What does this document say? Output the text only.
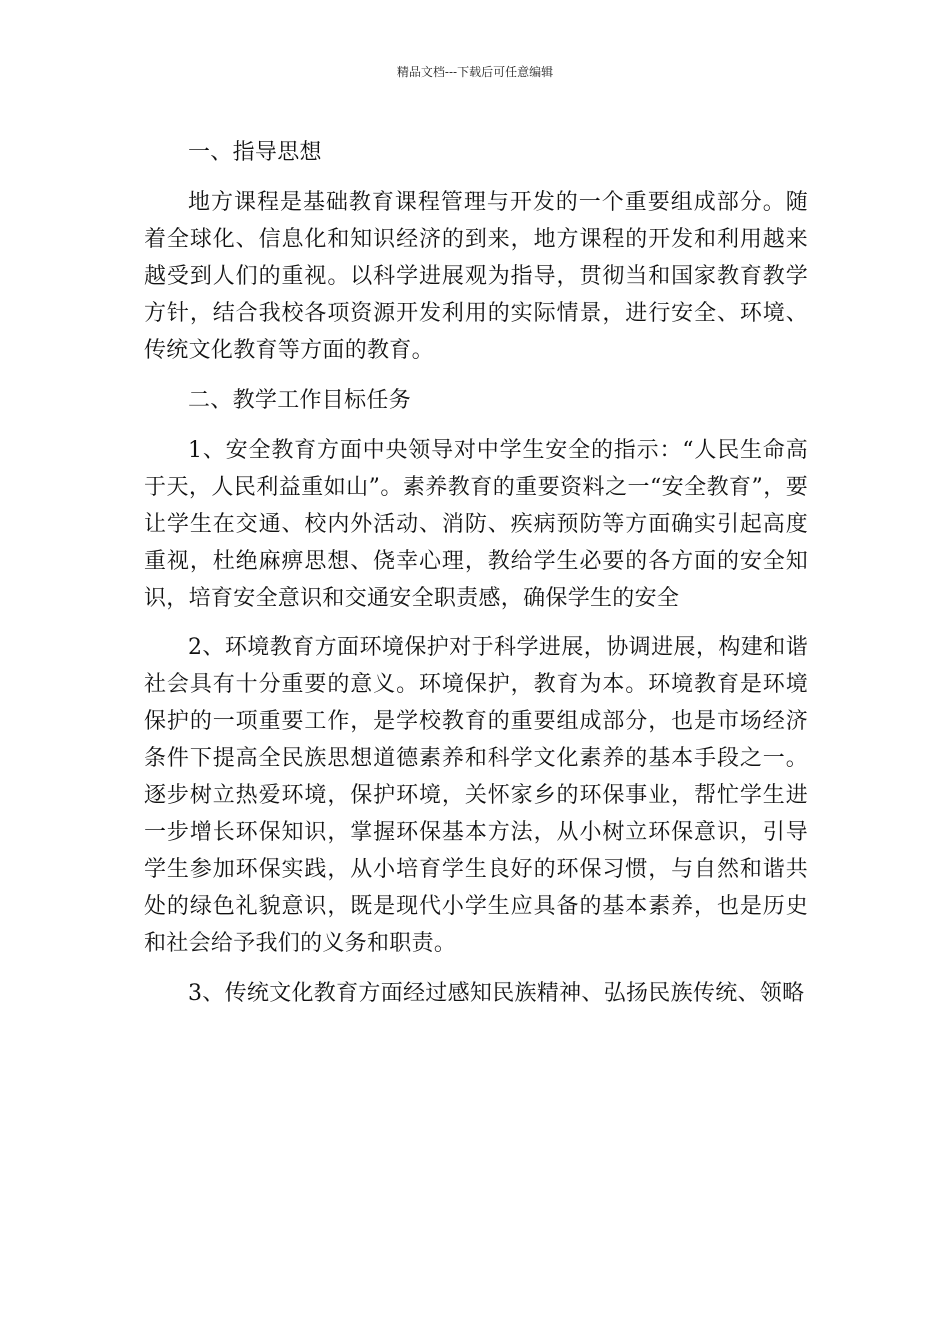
精品文档---下载后可任意编辑

一、指导思想

地方课程是基础教育课程管理与开发的一个重要组成部分。随着全球化、信息化和知识经济的到来，地方课程的开发和利用越来越受到人们的重视。以科学进展观为指导，贯彻当和国家教育教学方针，结合我校各项资源开发利用的实际情景，进行安全、环境、传统文化教育等方面的教育。

二、教学工作目标任务

1、安全教育方面中央领导对中学生安全的指示：“人民生命高于天，人民利益重如山”。素养教育的重要资料之一“安全教育”，要让学生在交通、校内外活动、消防、疾病预防等方面确实引起高度重视，杜绝麻痹思想、侥幸心理，教给学生必要的各方面的安全知识，培育安全意识和交通安全职责感，确保学生的安全

2、环境教育方面环境保护对于科学进展，协调进展，构建和谐社会具有十分重要的意义。环境保护，教育为本。环境教育是环境保护的一项重要工作，是学校教育的重要组成部分，也是市场经济条件下提高全民族思想道德素养和科学文化素养的基本手段之一。逐步树立热爱环境，保护环境，关怀家乡的环保事业，帮忙学生进一步增长环保知识，掌握环保基本方法，从小树立环保意识，引导学生参加环保实践，从小培育学生良好的环保习惯，与自然和谐共处的绿色礼貌意识，既是现代小学生应具备的基本素养，也是历史和社会给予我们的义务和职责。

3、传统文化教育方面经过感知民族精神、弘扬民族传统、领略
